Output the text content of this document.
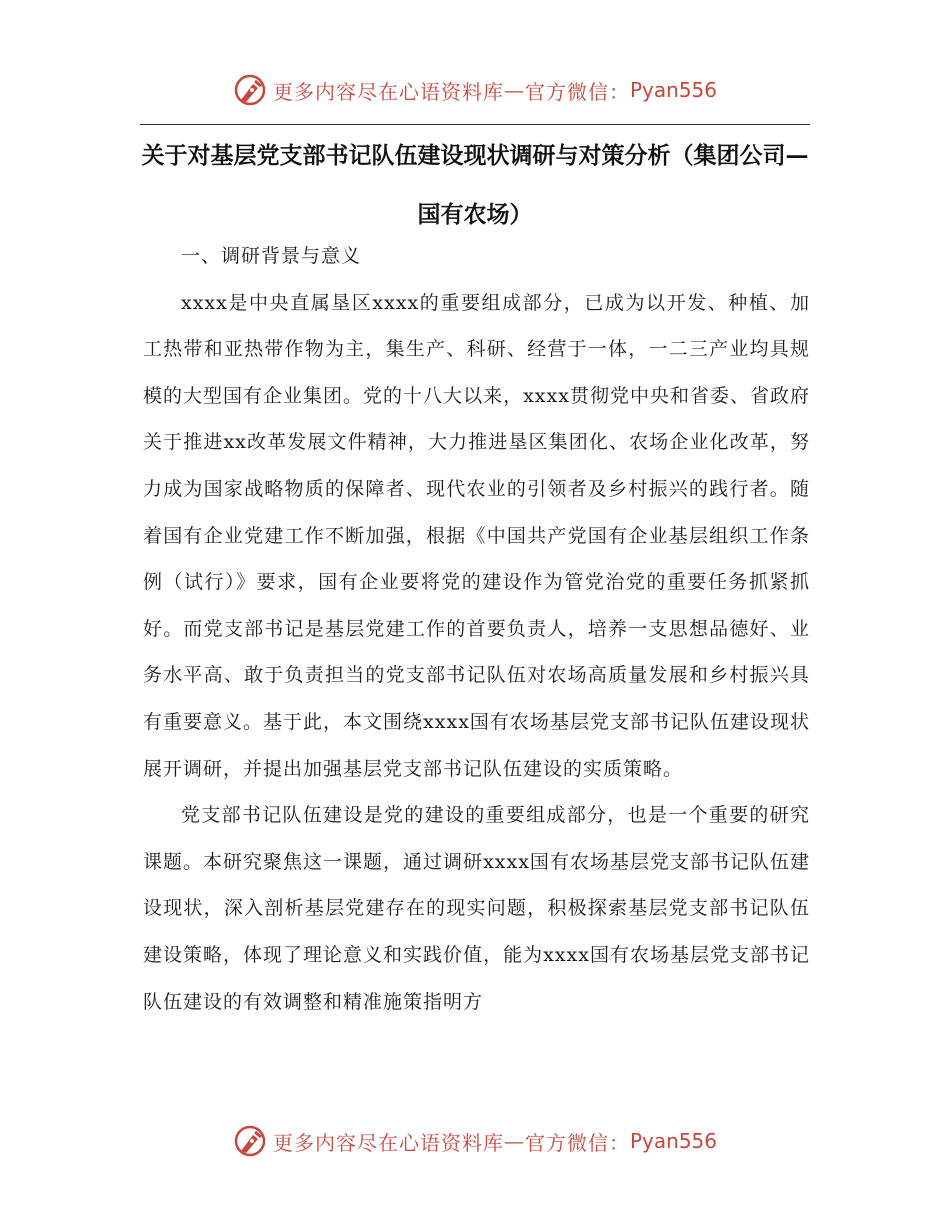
更多内容尽在心语资料库 — 官方微信： Pyan556
关于对基层党支部书记队伍建设现状调研与对策分析（集团公司—国有农场）

一、调研背景与意义

xxxx是中央直属垦区xxxx的重要组成部分，已成为以开发、种植、加工热带和亚热带作物为主，集生产、科研、经营于一体，一二三产业均具规模的大型国有企业集团。党的十八大以来，xxxx贯彻党中央和省委、省政府关于推进xx改革发展文件精神，大力推进垦区集团化、农场企业化改革，努力成为国家战略物质的保障者、现代农业的引领者及乡村振兴的践行者。随着国有企业党建工作不断加强，根据《中国共产党国有企业基层组织工作条例（试行）》要求，国有企业要将党的建设作为管党治党的重要任务抓紧抓好。而党支部书记是基层党建工作的首要负责人，培养一支思想品德好、业务水平高、敢于负责担当的党支部书记队伍对农场高质量发展和乡村振兴具有重要意义。基于此，本文围绕xxxx国有农场基层党支部书记队伍建设现状展开调研，并提出加强基层党支部书记队伍建设的实质策略。

党支部书记队伍建设是党的建设的重要组成部分，也是一个重要的研究课题。本研究聚焦这一课题，通过调研xxxx国有农场基层党支部书记队伍建设现状，深入剖析基层党建存在的现实问题，积极探索基层党支部书记队伍建设策略，体现了理论意义和实践价值，能为xxxx国有农场基层党支部书记队伍建设的有效调整和精准施策指明方

更多内容尽在心语资料库 — 官方微信： Pyan556
